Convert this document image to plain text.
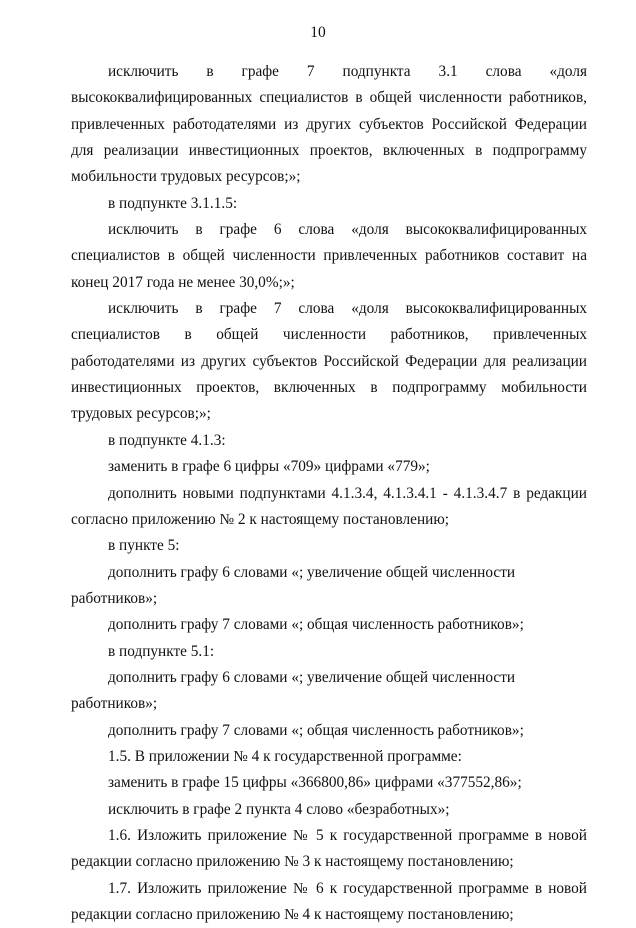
10

исключить в графе 7 подпункта 3.1 слова «доля высококвалифицированных специалистов в общей численности работников, привлеченных работодателями из других субъектов Российской Федерации для реализации инвестиционных проектов, включенных в подпрограмму мобильности трудовых ресурсов;»;

в подпункте 3.1.1.5:

исключить в графе 6 слова «доля высококвалифицированных специалистов в общей численности привлеченных работников составит на конец 2017 года не менее 30,0%;»;

исключить в графе 7 слова «доля высококвалифицированных специалистов в общей численности работников, привлеченных работодателями из других субъектов Российской Федерации для реализации инвестиционных проектов, включенных в подпрограмму мобильности трудовых ресурсов;»;

в подпункте 4.1.3:

заменить в графе 6 цифры «709» цифрами «779»;

дополнить новыми подпунктами 4.1.3.4, 4.1.3.4.1 - 4.1.3.4.7 в редакции согласно приложению № 2 к настоящему постановлению;

в пункте 5:

дополнить графу 6 словами «; увеличение общей численности работников»;

дополнить графу 7 словами «; общая численность работников»;

в подпункте 5.1:

дополнить графу 6 словами «; увеличение общей численности работников»;

дополнить графу 7 словами «; общая численность работников»;

1.5. В приложении № 4 к государственной программе:

заменить в графе 15 цифры «366800,86» цифрами «377552,86»;

исключить в графе 2 пункта 4 слово «безработных»;

1.6. Изложить приложение № 5 к государственной программе в новой редакции согласно приложению № 3 к настоящему постановлению;

1.7. Изложить приложение № 6 к государственной программе в новой редакции согласно приложению № 4 к настоящему постановлению;
